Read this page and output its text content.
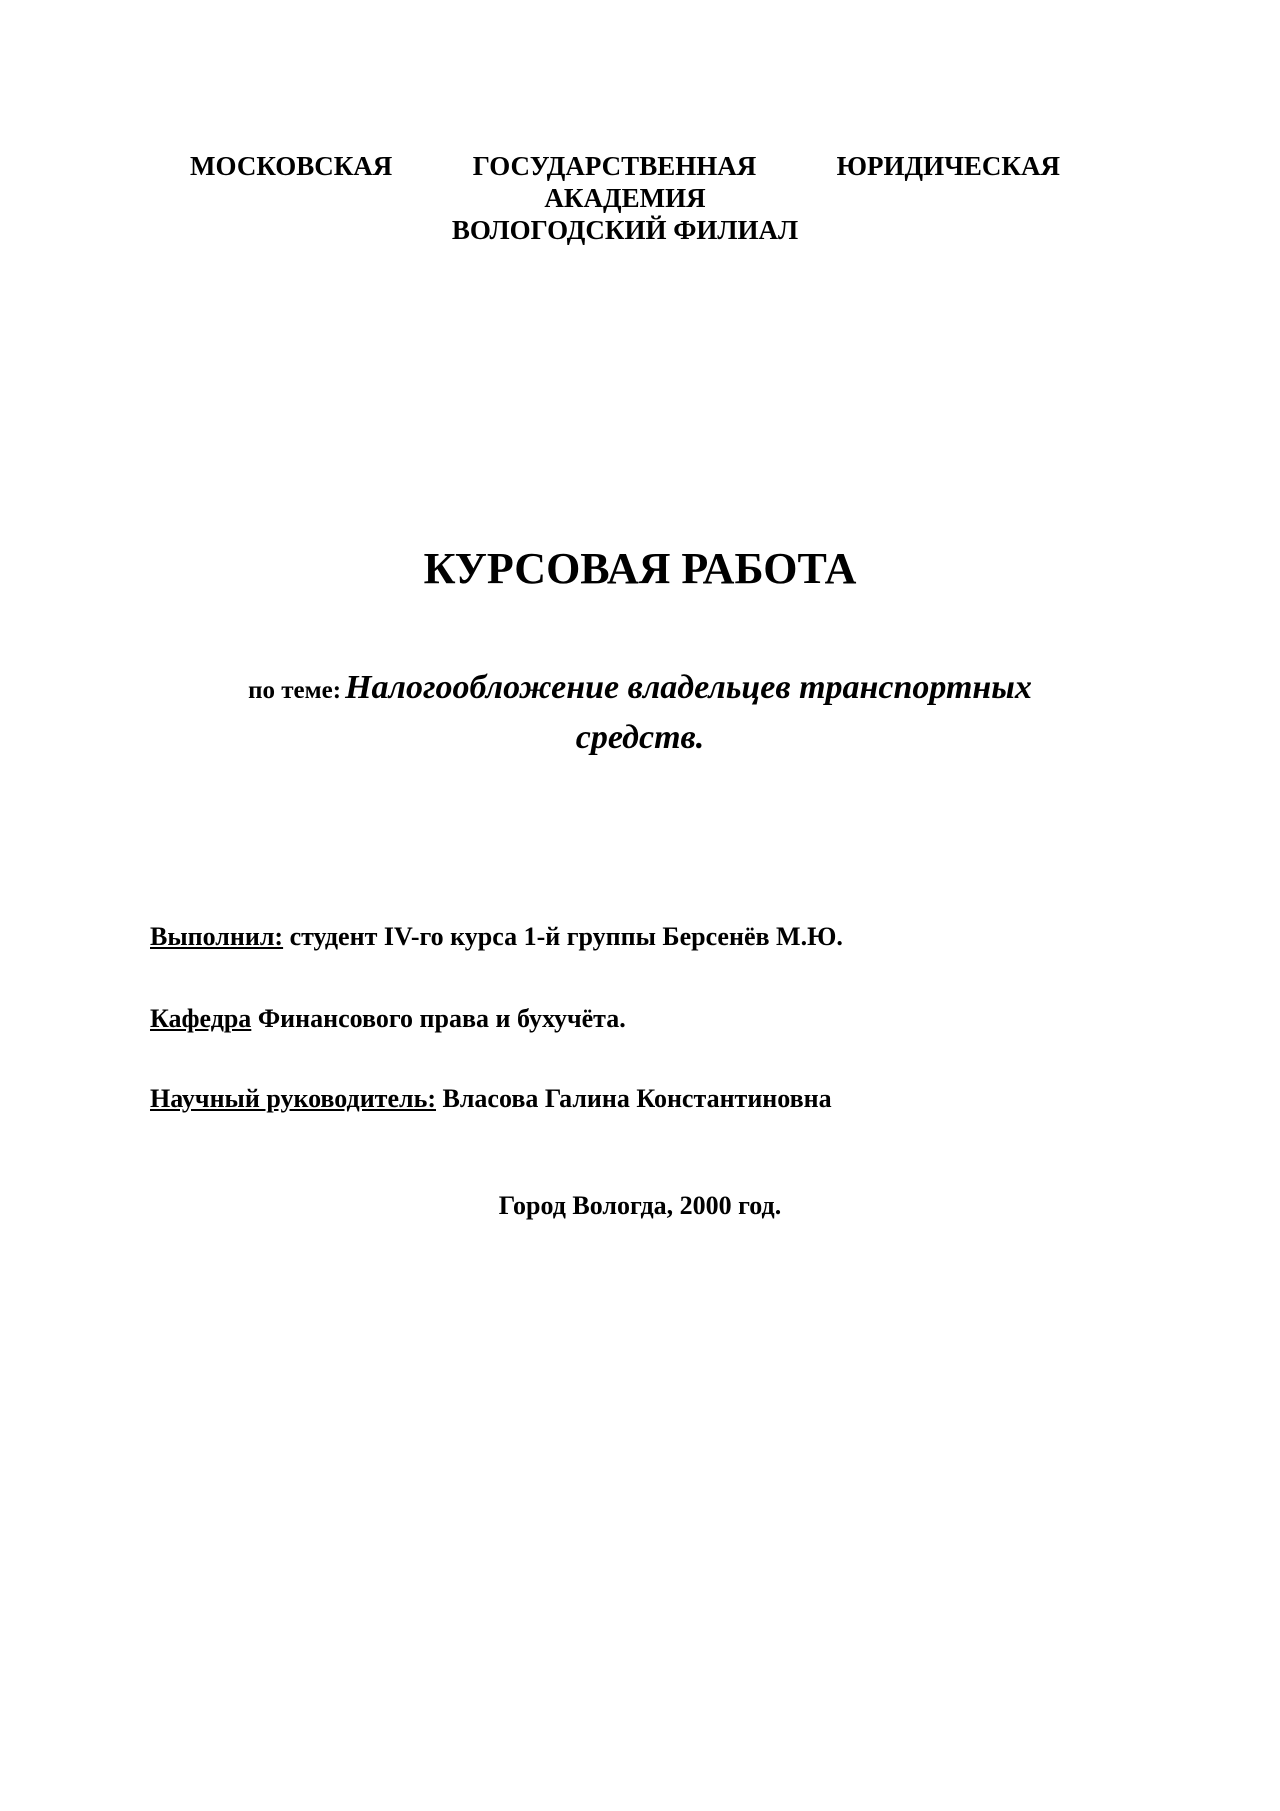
МОСКОВСКАЯ	ГОСУДАРСТВЕННАЯ	ЮРИДИЧЕСКАЯ
АКАДЕМИЯ
ВОЛОГОДСКИЙ ФИЛИАЛ
КУРСОВАЯ РАБОТА
по теме: Налогообложение владельцев транспортных средств.
Выполнил: студент IV-го курса 1-й группы Берсенёв М.Ю.
Кафедра Финансового права и бухучёта.
Научный руководитель: Власова Галина Константиновна
Город Вологда, 2000 год.
